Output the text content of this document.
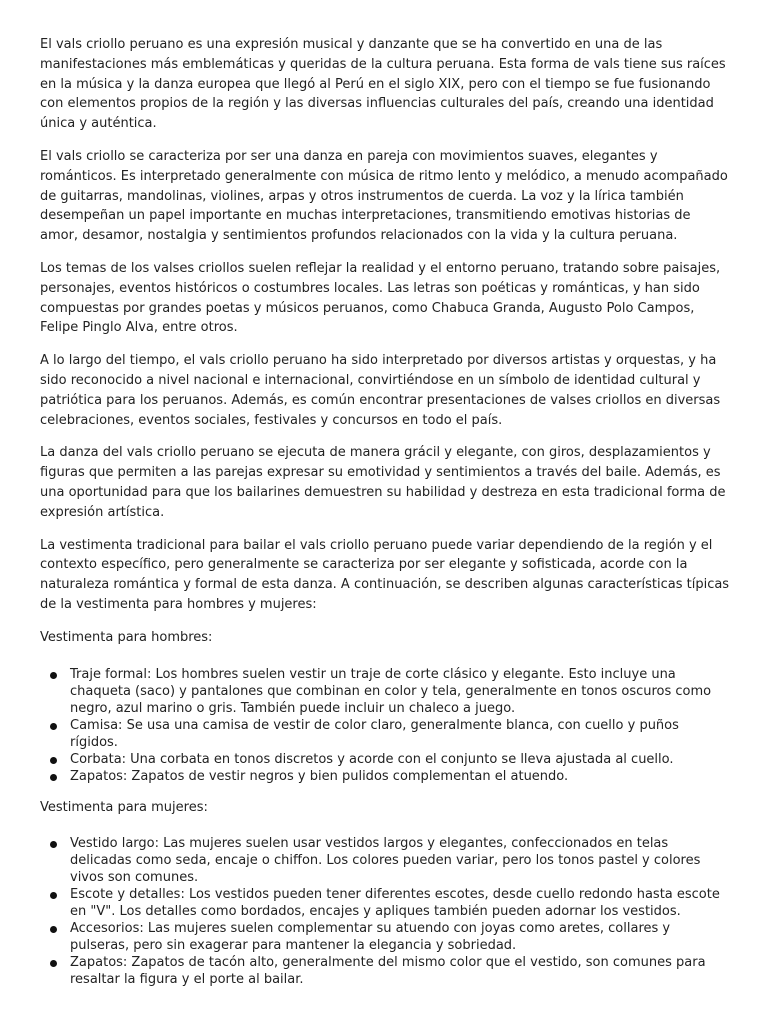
El vals criollo peruano es una expresión musical y danzante que se ha convertido en una de las manifestaciones más emblemáticas y queridas de la cultura peruana. Esta forma de vals tiene sus raíces en la música y la danza europea que llegó al Perú en el siglo XIX, pero con el tiempo se fue fusionando con elementos propios de la región y las diversas influencias culturales del país, creando una identidad única y auténtica.

El vals criollo se caracteriza por ser una danza en pareja con movimientos suaves, elegantes y románticos. Es interpretado generalmente con música de ritmo lento y melódico, a menudo acompañado de guitarras, mandolinas, violines, arpas y otros instrumentos de cuerda. La voz y la lírica también desempeñan un papel importante en muchas interpretaciones, transmitiendo emotivas historias de amor, desamor, nostalgia y sentimientos profundos relacionados con la vida y la cultura peruana.

Los temas de los valses criollos suelen reflejar la realidad y el entorno peruano, tratando sobre paisajes, personajes, eventos históricos o costumbres locales. Las letras son poéticas y románticas, y han sido compuestas por grandes poetas y músicos peruanos, como Chabuca Granda, Augusto Polo Campos, Felipe Pinglo Alva, entre otros.

A lo largo del tiempo, el vals criollo peruano ha sido interpretado por diversos artistas y orquestas, y ha sido reconocido a nivel nacional e internacional, convirtiéndose en un símbolo de identidad cultural y patriótica para los peruanos. Además, es común encontrar presentaciones de valses criollos en diversas celebraciones, eventos sociales, festivales y concursos en todo el país.

La danza del vals criollo peruano se ejecuta de manera grácil y elegante, con giros, desplazamientos y figuras que permiten a las parejas expresar su emotividad y sentimientos a través del baile. Además, es una oportunidad para que los bailarines demuestren su habilidad y destreza en esta tradicional forma de expresión artística.

La vestimenta tradicional para bailar el vals criollo peruano puede variar dependiendo de la región y el contexto específico, pero generalmente se caracteriza por ser elegante y sofisticada, acorde con la naturaleza romántica y formal de esta danza. A continuación, se describen algunas características típicas de la vestimenta para hombres y mujeres:

Vestimenta para hombres:

Traje formal: Los hombres suelen vestir un traje de corte clásico y elegante. Esto incluye una chaqueta (saco) y pantalones que combinan en color y tela, generalmente en tonos oscuros como negro, azul marino o gris. También puede incluir un chaleco a juego.
Camisa: Se usa una camisa de vestir de color claro, generalmente blanca, con cuello y puños rígidos.
Corbata: Una corbata en tonos discretos y acorde con el conjunto se lleva ajustada al cuello.
Zapatos: Zapatos de vestir negros y bien pulidos complementan el atuendo.

Vestimenta para mujeres:

Vestido largo: Las mujeres suelen usar vestidos largos y elegantes, confeccionados en telas delicadas como seda, encaje o chiffon. Los colores pueden variar, pero los tonos pastel y colores vivos son comunes.
Escote y detalles: Los vestidos pueden tener diferentes escotes, desde cuello redondo hasta escote en "V". Los detalles como bordados, encajes y apliques también pueden adornar los vestidos.
Accesorios: Las mujeres suelen complementar su atuendo con joyas como aretes, collares y pulseras, pero sin exagerar para mantener la elegancia y sobriedad.
Zapatos: Zapatos de tacón alto, generalmente del mismo color que el vestido, son comunes para resaltar la figura y el porte al bailar.
